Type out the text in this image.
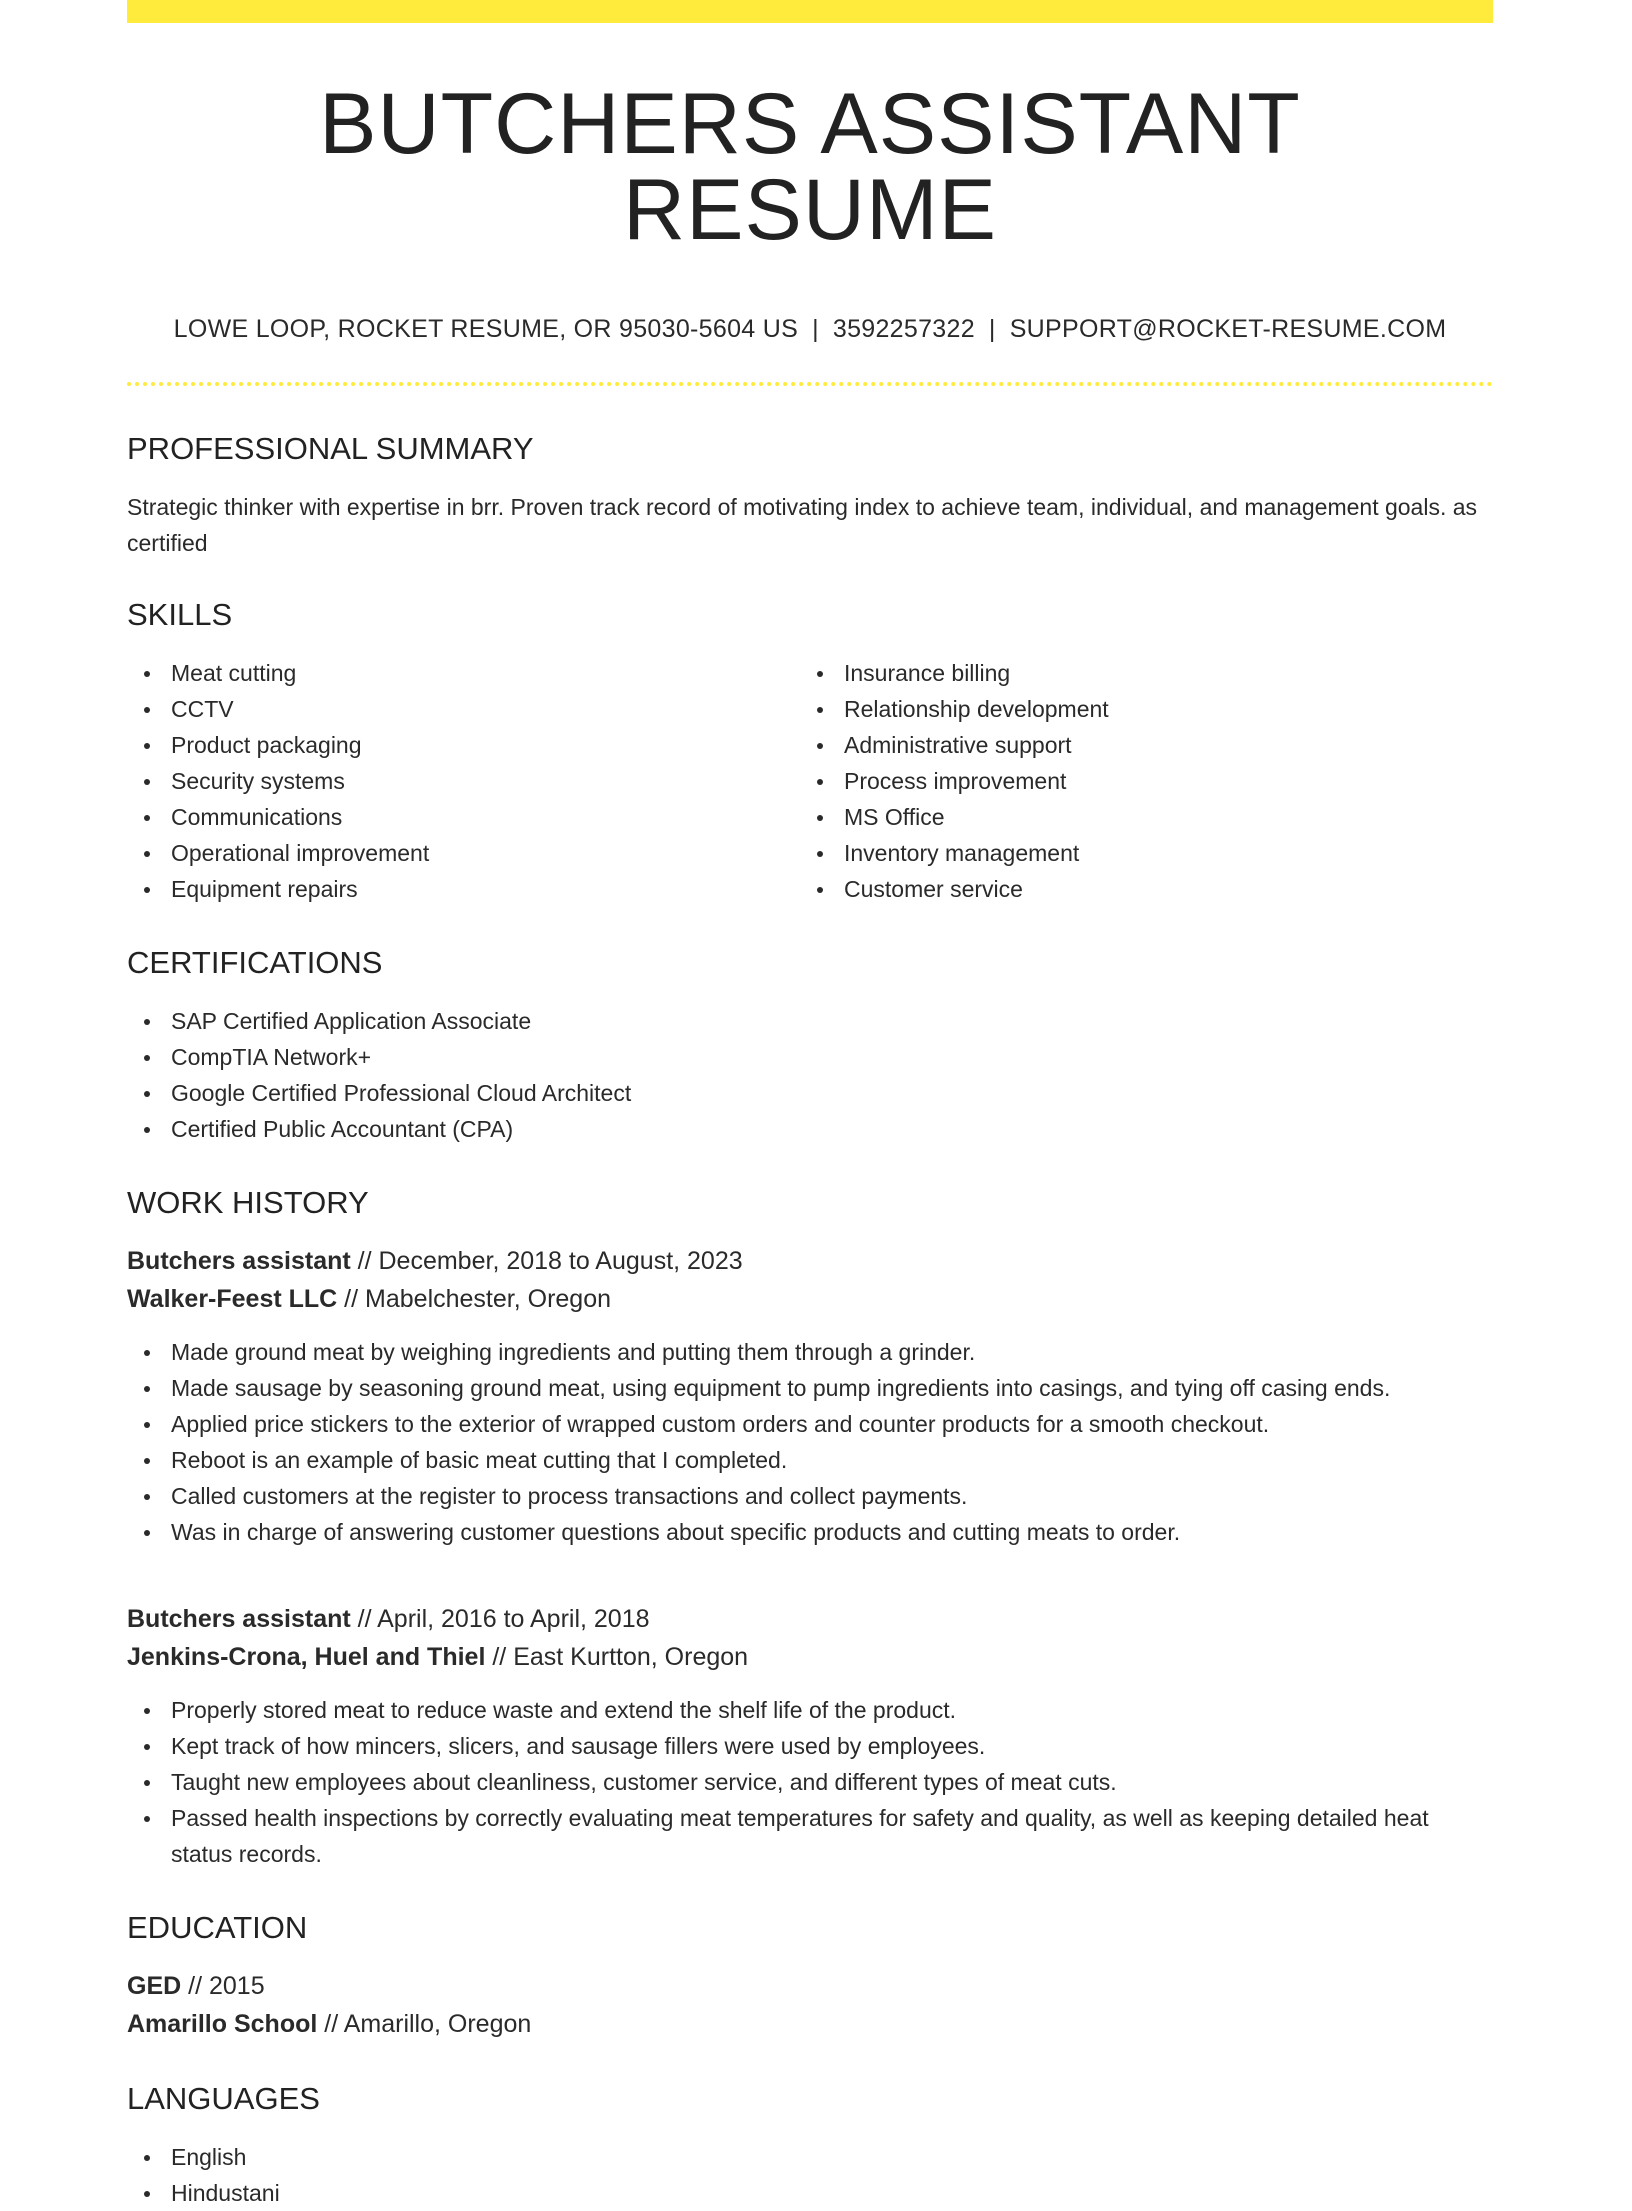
BUTCHERS ASSISTANT RESUME
LOWE LOOP, ROCKET RESUME, OR 95030-5604 US | 3592257322 | SUPPORT@ROCKET-RESUME.COM
PROFESSIONAL SUMMARY

Strategic thinker with expertise in brr. Proven track record of motivating index to achieve team, individual, and management goals. as certified

SKILLS
Meat cutting
CCTV
Product packaging
Security systems
Communications
Operational improvement
Equipment repairs
Insurance billing
Relationship development
Administrative support
Process improvement
MS Office
Inventory management
Customer service
CERTIFICATIONS
SAP Certified Application Associate
CompTIA Network+
Google Certified Professional Cloud Architect
Certified Public Accountant (CPA)
WORK HISTORY
Butchers assistant // December, 2018 to August, 2023
Walker-Feest LLC // Mabelchester, Oregon
Made ground meat by weighing ingredients and putting them through a grinder.
Made sausage by seasoning ground meat, using equipment to pump ingredients into casings, and tying off casing ends.
Applied price stickers to the exterior of wrapped custom orders and counter products for a smooth checkout.
Reboot is an example of basic meat cutting that I completed.
Called customers at the register to process transactions and collect payments.
Was in charge of answering customer questions about specific products and cutting meats to order.
Butchers assistant // April, 2016 to April, 2018
Jenkins-Crona, Huel and Thiel // East Kurtton, Oregon
Properly stored meat to reduce waste and extend the shelf life of the product.
Kept track of how mincers, slicers, and sausage fillers were used by employees.
Taught new employees about cleanliness, customer service, and different types of meat cuts.
Passed health inspections by correctly evaluating meat temperatures for safety and quality, as well as keeping detailed heat status records.
EDUCATION
GED // 2015
Amarillo School // Amarillo, Oregon
LANGUAGES
English
Hindustani
